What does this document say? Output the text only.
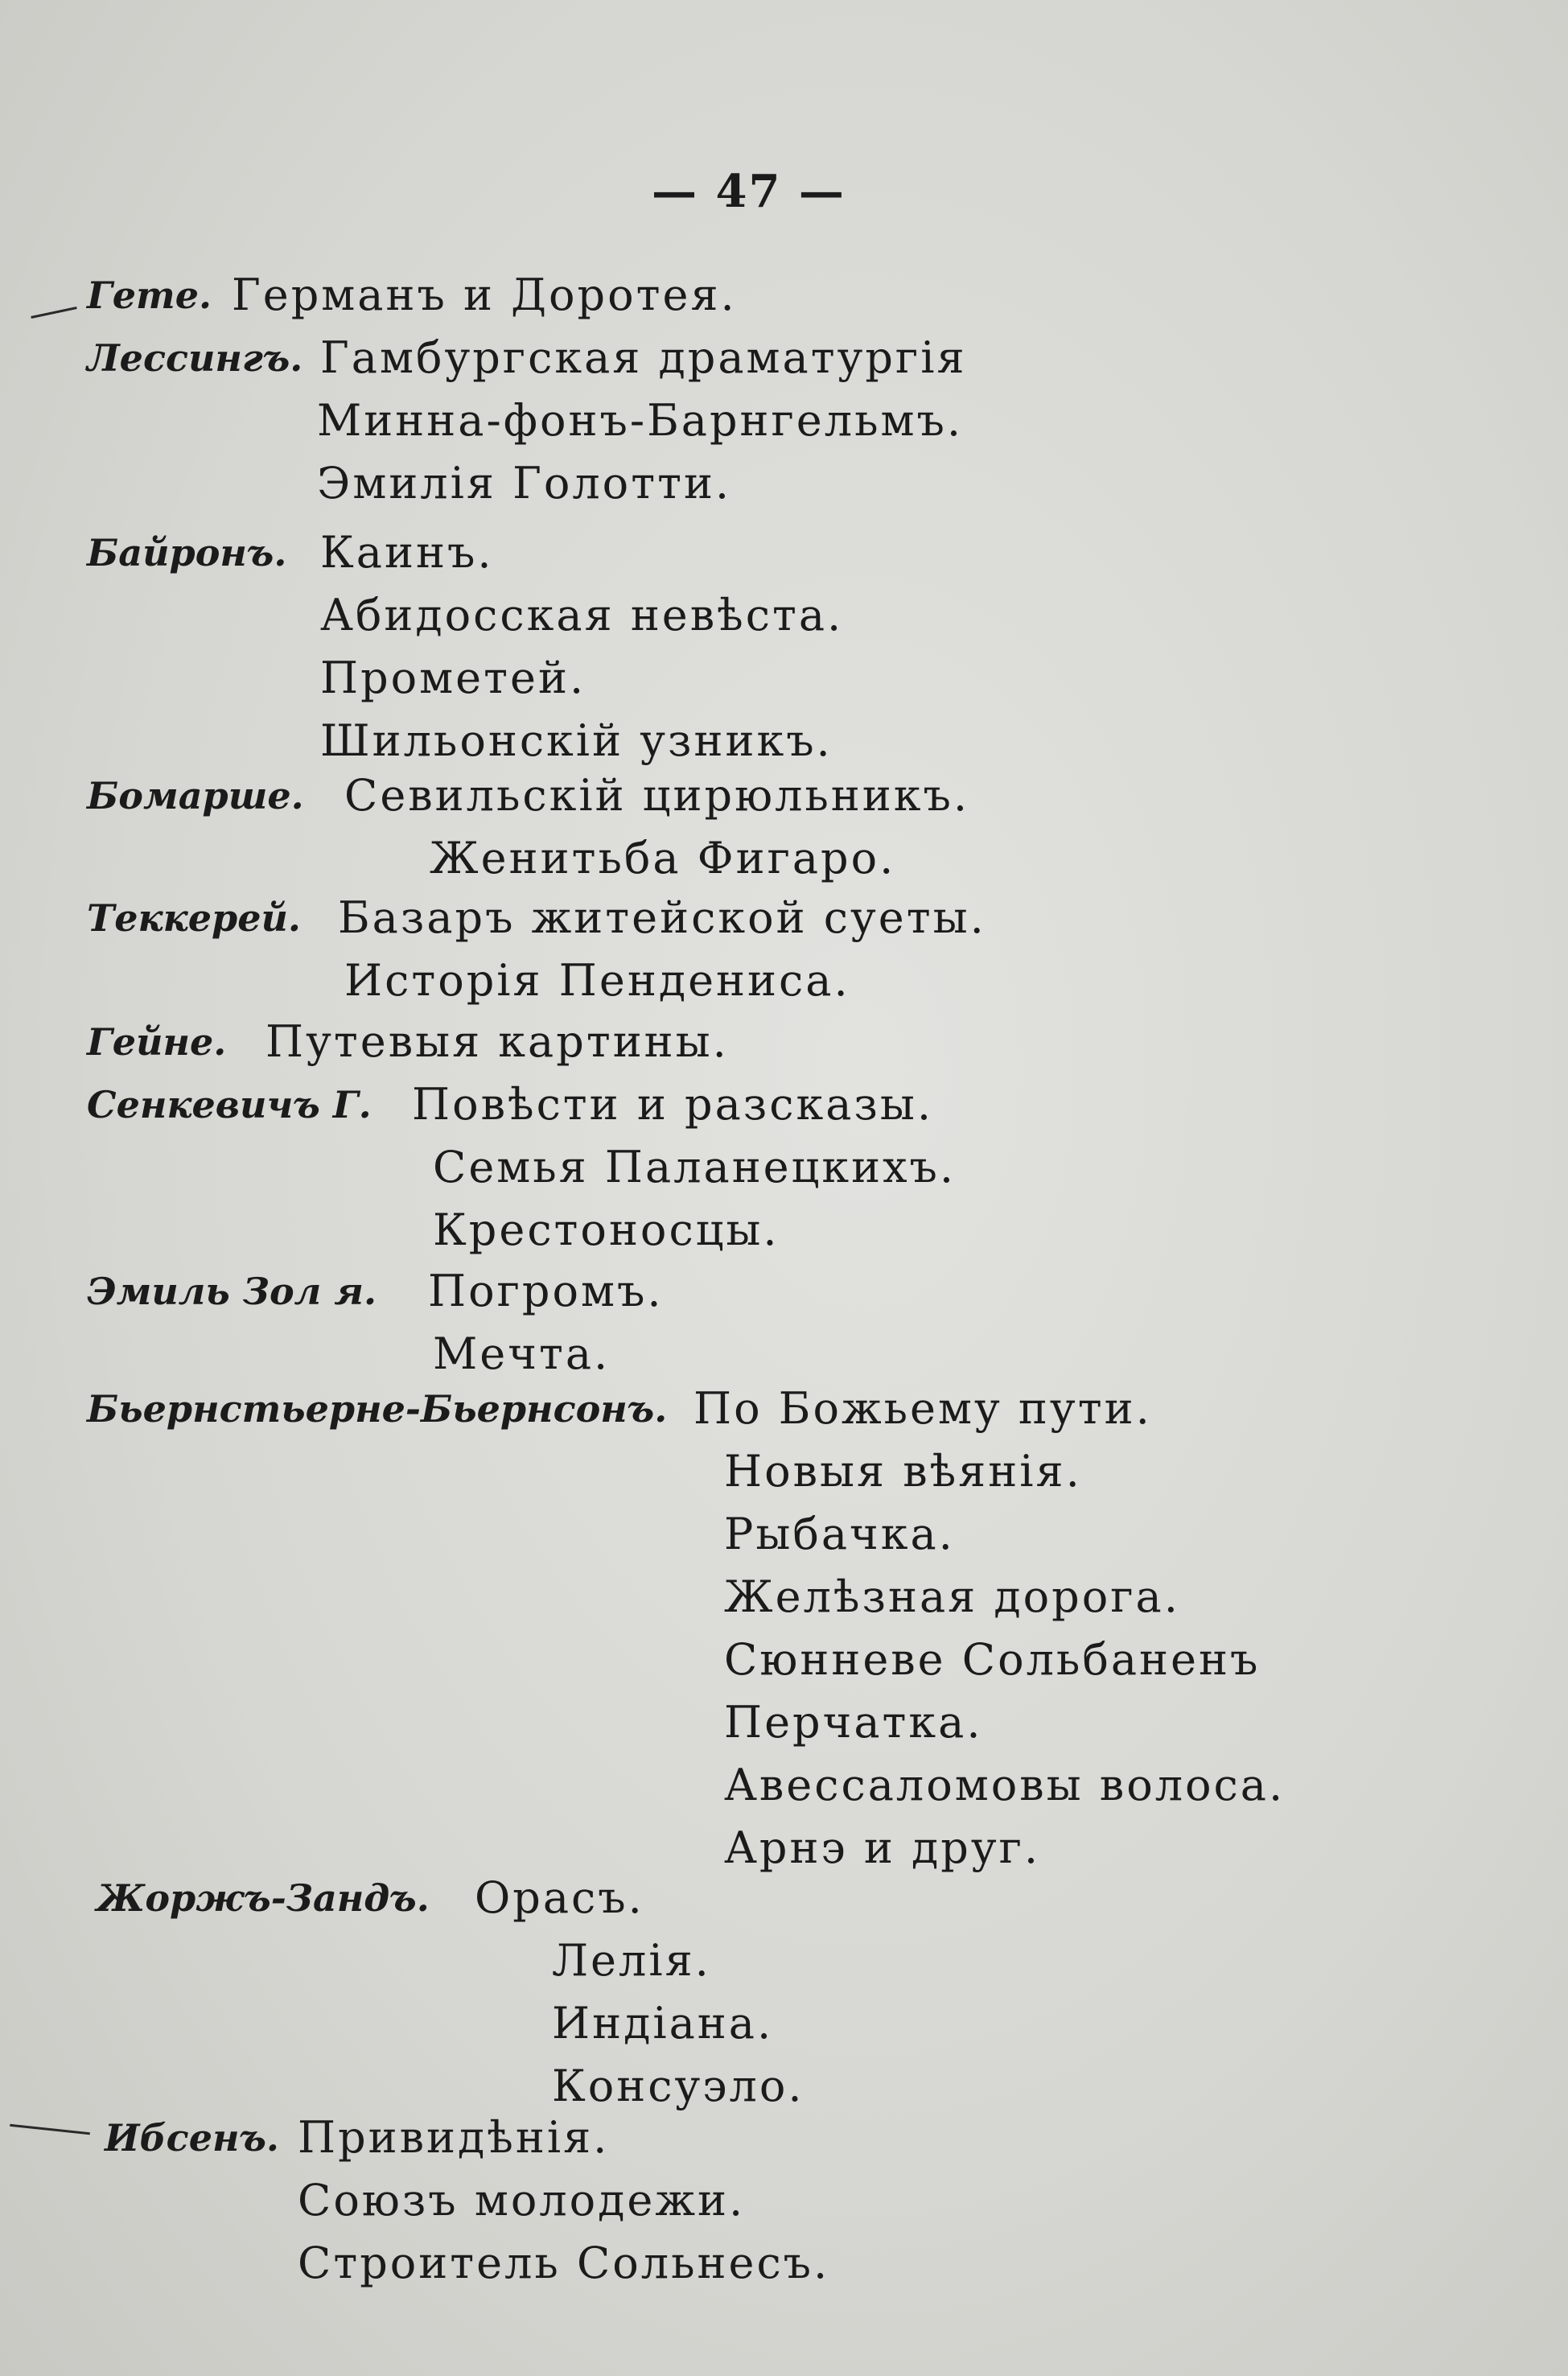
— 47 —
Гете. Германъ и Доротея.
Лессингъ. Гамбургская драматургія
Минна-фонъ-Барнгельмъ.
Эмилія Голотти.
Байронъ. Каинъ.
Абидосская невѣста.
Прометей.
Шильонскій узникъ.
Бомарше. Севильскій цирюльникъ.
Женитьба Фигаро.
Теккерей. Базаръ житейской суеты.
Исторія Пендениса.
Гейне. Путевыя картины.
Сенкевичъ Г. Повѣсти и разсказы.
Семья Паланецкихъ.
Крестоносцы.
Эмиль Зол я. Погромъ.
Мечта.
Бьернстьерне-Бьернсонъ. По Божьему пути.
Новыя вѣянія.
Рыбачка.
Желѣзная дорога.
Сюнневе Сольбаненъ
Перчатка.
Авессаломовы волоса.
Арнэ и друг.
Жоржъ-Зандъ. Орасъ.
Лелія.
Индіана.
Консуэло.
Ибсенъ. Привидѣнія.
Союзъ молодежи.
Строитель Сольнесъ.
